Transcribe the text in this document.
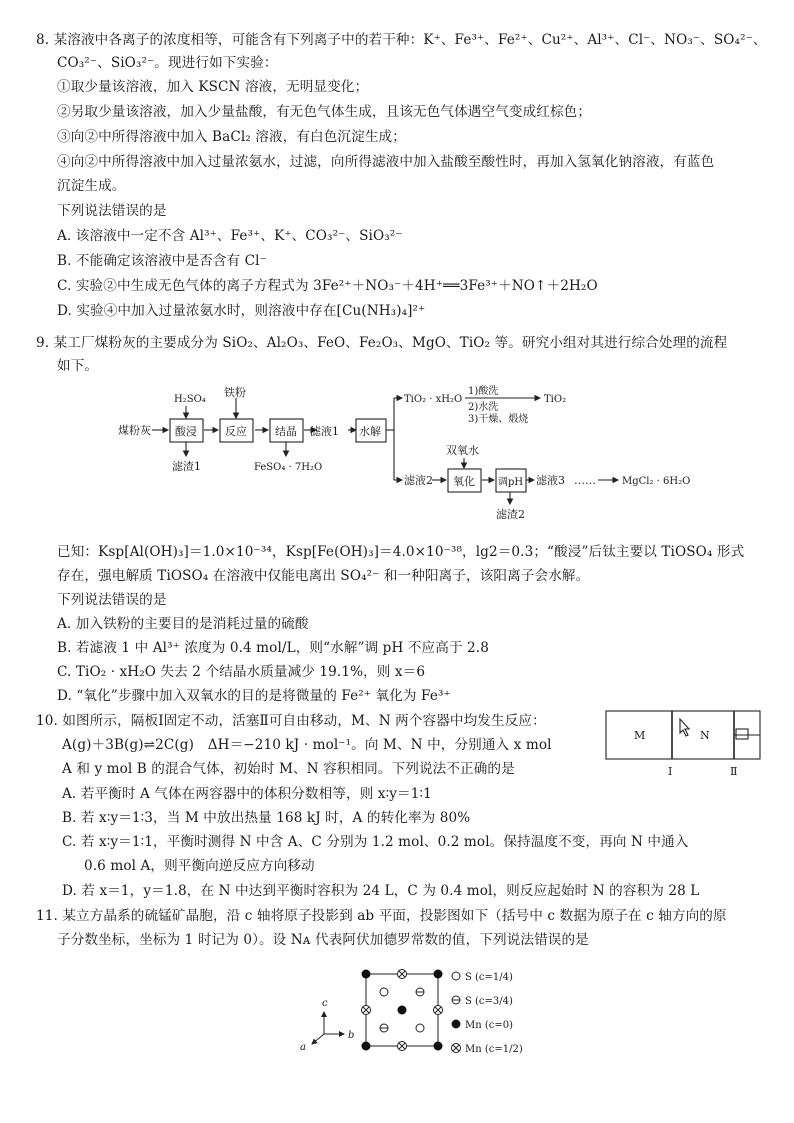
8. 某溶液中各离子的浓度相等，可能含有下列离子中的若干种：K⁺、Fe³⁺、Fe²⁺、Cu²⁺、Al³⁺、Cl⁻、NO₃⁻、SO₄²⁻、
CO₃²⁻、SiO₃²⁻。现进行如下实验：
①取少量该溶液，加入 KSCN 溶液，无明显变化；
②另取少量该溶液，加入少量盐酸，有无色气体生成，且该无色气体遇空气变成红棕色；
③向②中所得溶液中加入 BaCl₂ 溶液，有白色沉淀生成；
④向②中所得溶液中加入过量浓氨水，过滤，向所得滤液中加入盐酸至酸性时，再加入氢氧化钠溶液，有蓝色
沉淀生成。
下列说法错误的是
A. 该溶液中一定不含 Al³⁺、Fe³⁺、K⁺、CO₃²⁻、SiO₃²⁻
B. 不能确定该溶液中是否含有 Cl⁻
C. 实验②中生成无色气体的离子方程式为 3Fe²⁺＋NO₃⁻＋4H⁺══3Fe³⁺＋NO↑＋2H₂O
D. 实验④中加入过量浓氨水时，则溶液中存在[Cu(NH₃)₄]²⁺
9. 某工厂煤粉灰的主要成分为 SiO₂、Al₂O₃、FeO、Fe₂O₃、MgO、TiO₂ 等。研究小组对其进行综合处理的流程
如下。
煤粉灰
H₂SO₄
铁粉
酸浸	反应	结晶 滤液1 水解
滤渣1	FeSO₄ · 7H₂O
TiO₂ · xH₂O
1)酸洗
2)水洗
3)干燥、煅烧
TiO₂
双氧水
滤液2 氧化 调pH 滤液3 ……	MgCl₂ · 6H₂O
滤渣2
已知：Ksp[Al(OH)₃]＝1.0×10⁻³⁴，Ksp[Fe(OH)₃]＝4.0×10⁻³⁸，lg2＝0.3；“酸浸”后钛主要以 TiOSO₄ 形式
存在，强电解质 TiOSO₄ 在溶液中仅能电离出 SO₄²⁻ 和一种阳离子，该阳离子会水解。
下列说法错误的是
A. 加入铁粉的主要目的是消耗过量的硫酸
B. 若滤液 1 中 Al³⁺ 浓度为 0.4 mol/L，则“水解”调 pH 不应高于 2.8
C. TiO₂ · xH₂O 失去 2 个结晶水质量减少 19.1%，则 x＝6
D. “氧化”步骤中加入双氧水的目的是将微量的 Fe²⁺ 氧化为 Fe³⁺
10. 如图所示，隔板Ⅰ固定不动，活塞Ⅱ可自由移动，M、N 两个容器中均发生反应：
A(g)＋3B(g)⇌2C(g)　ΔH＝−210 kJ · mol⁻¹。向 M、N 中，分别通入 x mol
A 和 y mol B 的混合气体，初始时 M、N 容积相同。下列说法不正确的是
A. 若平衡时 A 气体在两容器中的体积分数相等，则 x∶y＝1∶1
B. 若 x∶y＝1∶3，当 M 中放出热量 168 kJ 时，A 的转化率为 80%
C. 若 x∶y＝1∶1，平衡时测得 N 中含 A、C 分别为 1.2 mol、0.2 mol。保持温度不变，再向 N 中通入
0.6 mol A，则平衡向逆反应方向移动
D. 若 x＝1，y＝1.8，在 N 中达到平衡时容积为 24 L，C 为 0.4 mol，则反应起始时 N 的容积为 28 L
M	N
Ⅰ	Ⅱ
11. 某立方晶系的硫锰矿晶胞，沿 c 轴将原子投影到 ab 平面，投影图如下（括号中 c 数据为原子在 c 轴方向的原
子分数坐标，坐标为 1 时记为 0）。设 Nᴀ 代表阿伏加德罗常数的值，下列说法错误的是
c
b
a
S (c=1/4)
S (c=3/4)
Mn (c=0)
Mn (c=1/2)
